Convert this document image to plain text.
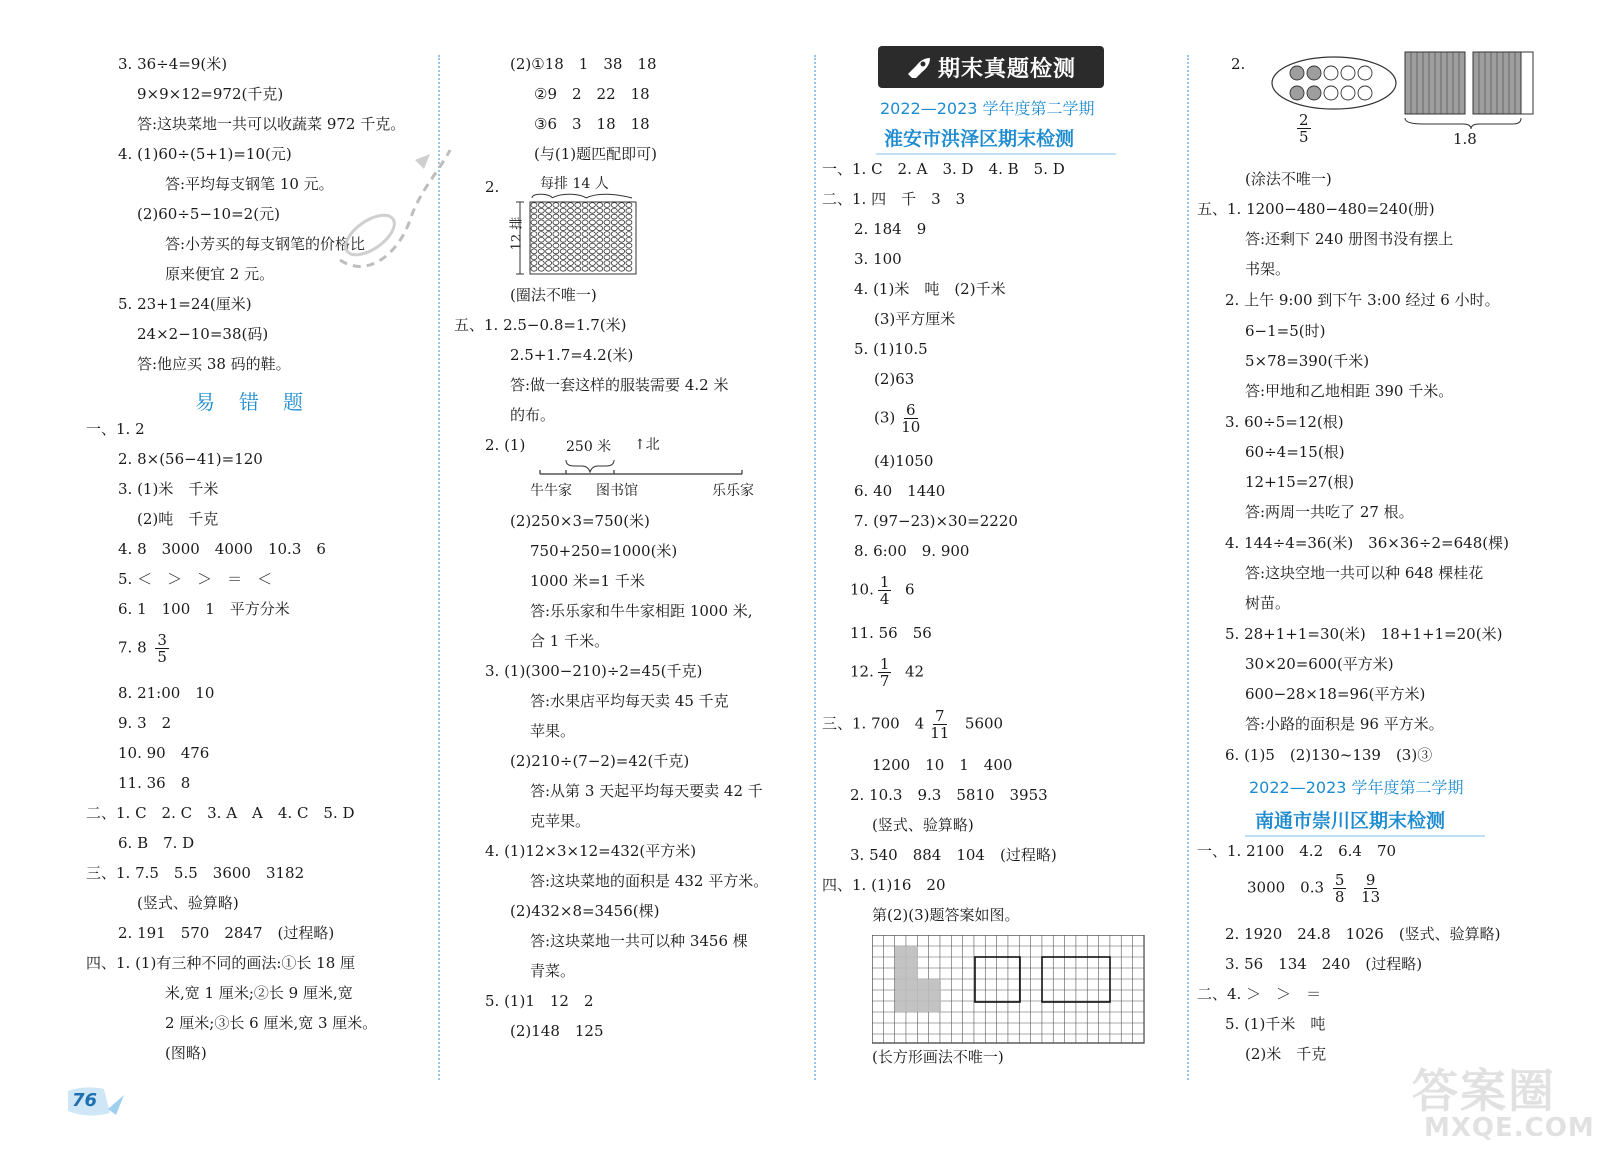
3. 36÷4=9(米)
9×9×12=972(千克)
答:这块菜地一共可以收蔬菜 972 千克。
4. (1)60÷(5+1)=10(元)
答:平均每支钢笔 10 元。
(2)60÷5−10=2(元)
答:小芳买的每支钢笔的价格比
原来便宜 2 元。
5. 23+1=24(厘米)
24×2−10=38(码)
答:他应买 38 码的鞋。
易　错　题
一、1. 2
2. 8×(56−41)=120
3. (1)米　千米
(2)吨　千克
4. 8　3000　4000　10.3　6
5. ＜　＞　＞　＝　＜
6. 1　100　1　平方分米
7. $8 \frac{3}{5}$
8. 21:00　10
9. 3　2
10. 90　476
11. 36　8
二、1. C　2. C　3. A　A　4. C　5. D
6. B　7. D
三、1. 7.5　5.5　3600　3182
(竖式、验算略)
2. 191　570　2847　(过程略)
四、1. (1)有三种不同的画法:①长 18 厘
米,宽 1 厘米;②长 9 厘米,宽
2 厘米;③长 6 厘米,宽 3 厘米。
(图略)
76
(2)①18　1　38　18
②9　2　22　18
③6　3　18　18
(与(1)题匹配即可)
2.	每排 14 人
12 排
(圈法不唯一)
五、1. 2.5−0.8=1.7(米)
2.5+1.7=4.2(米)
答:做一套这样的服装需要 4.2 米
的布。
2. (1)	250 米 ↑北
牛牛家 图书馆	乐乐家
(2)250×3=750(米)
750+250=1000(米)
1000 米=1 千米
答:乐乐家和牛牛家相距 1000 米,
合 1 千米。
3. (1)(300−210)÷2=45(千克)
答:水果店平均每天卖 45 千克
苹果。
(2)210÷(7−2)=42(千克)
答:从第 3 天起平均每天要卖 42 千
克苹果。
4. (1)12×3×12=432(平方米)
答:这块菜地的面积是 432 平方米。
(2)432×8=3456(棵)
答:这块菜地一共可以种 3456 棵
青菜。
5. (1)1　12　2
(2)148　125
期末真题检测
2022—2023 学年度第二学期
淮安市洪泽区期末检测
一、1. C　2. A　3. D　4. B　5. D
二、1. 四　千　3　3
2. 184　9
3. 100
4. (1)米　吨　(2)千米
(3)平方厘米
5. (1)10.5
(2)63
$(3) \frac{6}{10}$
(4)1050
6. 40　1440
7. (97−23)×30=2220
8. 6:00　9. 900
10. $\frac{1}{4} 6$
11. 56　56
12. $\frac{1}{7} 42$
三、1. 700　$4 \frac{7}{11} 5600$
1200　10　1　400
2. 10.3　9.3　5810　3953
(竖式、验算略)
3. 540　884　104　(过程略)
四、1. (1)16　20
第(2)(3)题答案如图。
(长方形画法不唯一)
2.
$\frac{2}{5}$	1.8
(涂法不唯一)
五、1. 1200−480−480=240(册)
答:还剩下 240 册图书没有摆上
书架。
2. 上午 9:00 到下午 3:00 经过 6 小时。
6−1=5(时)
5×78=390(千米)
答:甲地和乙地相距 390 千米。
3. 60÷5=12(根)
60÷4=15(根)
12+15=27(根)
答:两周一共吃了 27 根。
4. 144÷4=36(米)　36×36÷2=648(棵)
答:这块空地一共可以种 648 棵桂花
树苗。
5. 28+1+1=30(米)　18+1+1=20(米)
30×20=600(平方米)
600−28×18=96(平方米)
答:小路的面积是 96 平方米。
6. (1)5　(2)130~139　(3)③
2022—2023 学年度第二学期
南通市崇川区期末检测
一、1. 2100　4.2　6.4　70
3000　$0.3 \frac{5}{8}$
$\frac{9}{13}$
2. 1920　24.8　1026　(竖式、验算略)
3. 56　134　240　(过程略)
二、4. ＞　＞　＝
5. (1)千米　吨
(2)米　千克
答案圈
MXQE.COM
